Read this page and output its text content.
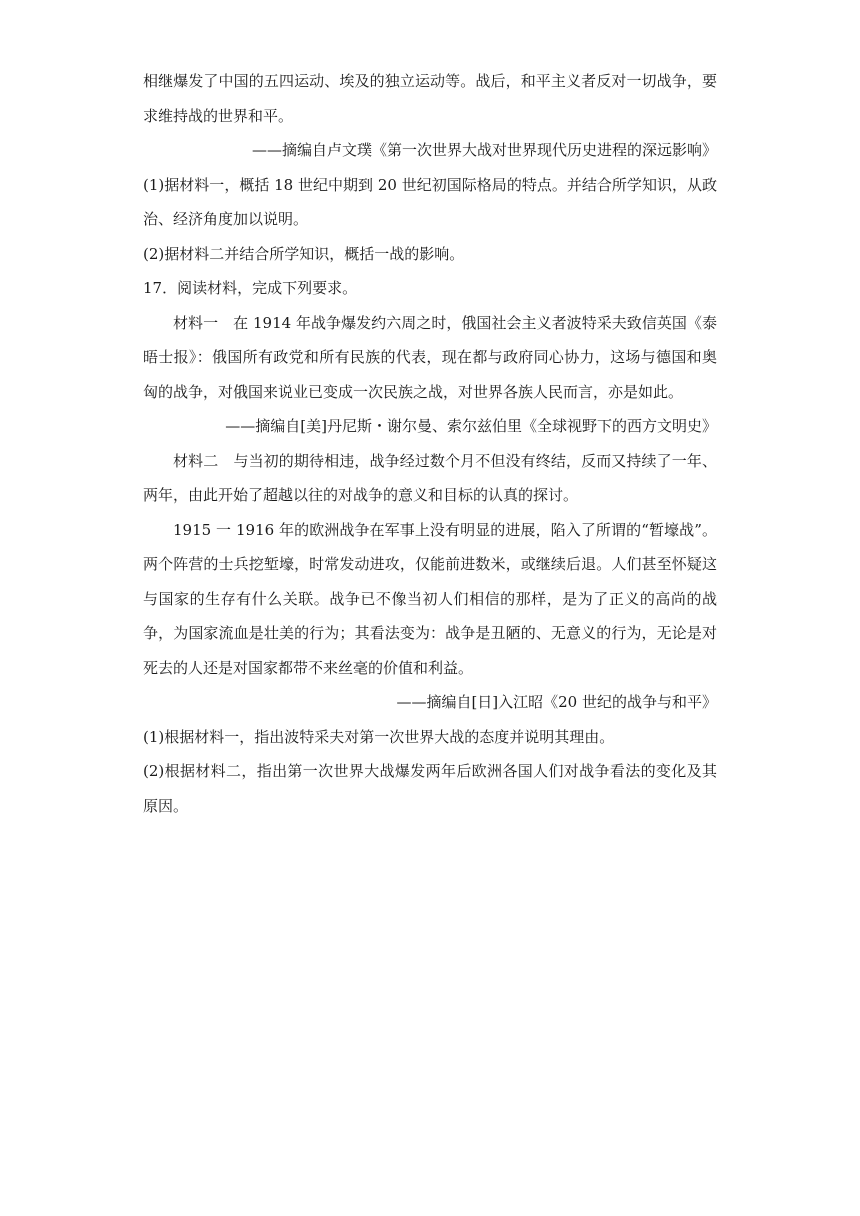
相继爆发了中国的五四运动、埃及的独立运动等。战后，和平主义者反对一切战争，要求维持战的世界和平。

——摘编自卢文璞《第一次世界大战对世界现代历史进程的深远影响》

(1)据材料一，概括 18 世纪中期到 20 世纪初国际格局的特点。并结合所学知识，从政治、经济角度加以说明。

(2)据材料二并结合所学知识，概括一战的影响。

17．阅读材料，完成下列要求。

材料一　在 1914 年战争爆发约六周之时，俄国社会主义者波特采夫致信英国《泰晤士报》：俄国所有政党和所有民族的代表，现在都与政府同心协力，这场与德国和奥匈的战争，对俄国来说业已变成一次民族之战，对世界各族人民而言，亦是如此。

——摘编自[美]丹尼斯・谢尔曼、索尔兹伯里《全球视野下的西方文明史》

材料二　与当初的期待相违，战争经过数个月不但没有终结，反而又持续了一年、两年，由此开始了超越以往的对战争的意义和目标的认真的探讨。

1915 一 1916 年的欧洲战争在军事上没有明显的进展，陷入了所谓的“暂壕战”。两个阵营的士兵挖堑壕，时常发动进攻，仅能前进数米，或继续后退。人们甚至怀疑这与国家的生存有什么关联。战争已不像当初人们相信的那样，是为了正义的高尚的战争，为国家流血是壮美的行为；其看法变为：战争是丑陋的、无意义的行为，无论是对死去的人还是对国家都带不来丝毫的价值和利益。

——摘编自[日]入江昭《20 世纪的战争与和平》

(1)根据材料一，指出波特采夫对第一次世界大战的态度并说明其理由。

(2)根据材料二，指出第一次世界大战爆发两年后欧洲各国人们对战争看法的变化及其原因。
